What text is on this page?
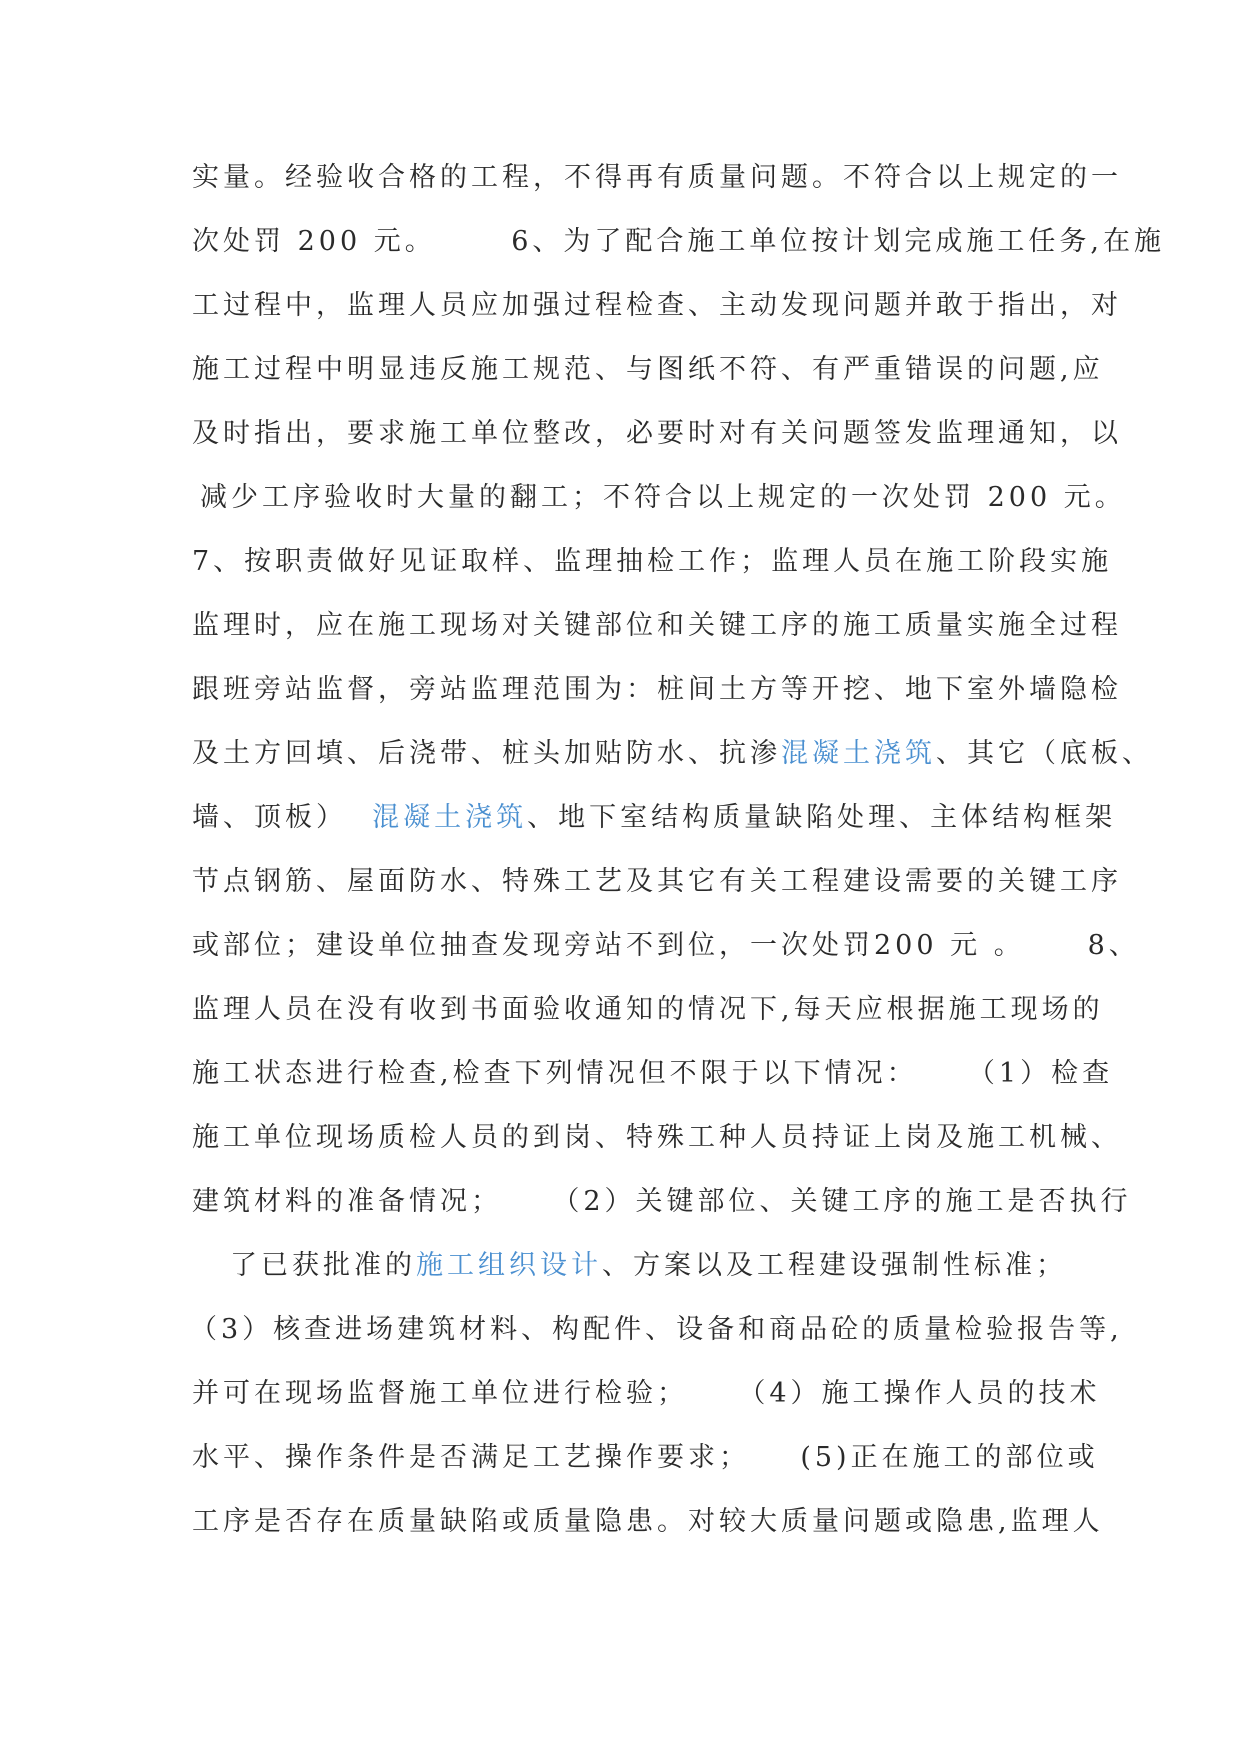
实量。经验收合格的工程，不得再有质量问题。不符合以上规定的一
次处罚 200 元。      6、为了配合施工单位按计划完成施工任务,在施
工过程中，监理人员应加强过程检查、主动发现问题并敢于指出，对
施工过程中明显违反施工规范、与图纸不符、有严重错误的问题,应
及时指出，要求施工单位整改，必要时对有关问题签发监理通知，以
减少工序验收时大量的翻工；不符合以上规定的一次处罚 200 元。
7、按职责做好见证取样、监理抽检工作；监理人员在施工阶段实施
监理时，应在施工现场对关键部位和关键工序的施工质量实施全过程
跟班旁站监督，旁站监理范围为：桩间土方等开挖、地下室外墙隐检
及土方回填、后浇带、桩头加贴防水、抗渗混凝土浇筑、其它（底板、
墙、顶板）  混凝土浇筑、地下室结构质量缺陷处理、主体结构框架
节点钢筋、屋面防水、特殊工艺及其它有关工程建设需要的关键工序
或部位；建设单位抽查发现旁站不到位，一次处罚200 元 。     8、
监理人员在没有收到书面验收通知的情况下,每天应根据施工现场的
施工状态进行检查,检查下列情况但不限于以下情况：    （1）检查
施工单位现场质检人员的到岗、特殊工种人员持证上岗及施工机械、
建筑材料的准备情况；    （2）关键部位、关键工序的施工是否执行
了已获批准的施工组织设计、方案以及工程建设强制性标准；
（3）核查进场建筑材料、构配件、设备和商品砼的质量检验报告等,
并可在现场监督施工单位进行检验；    （4）施工操作人员的技术
水平、操作条件是否满足工艺操作要求；    (5)正在施工的部位或
工序是否存在质量缺陷或质量隐患。对较大质量问题或隐患,监理人
